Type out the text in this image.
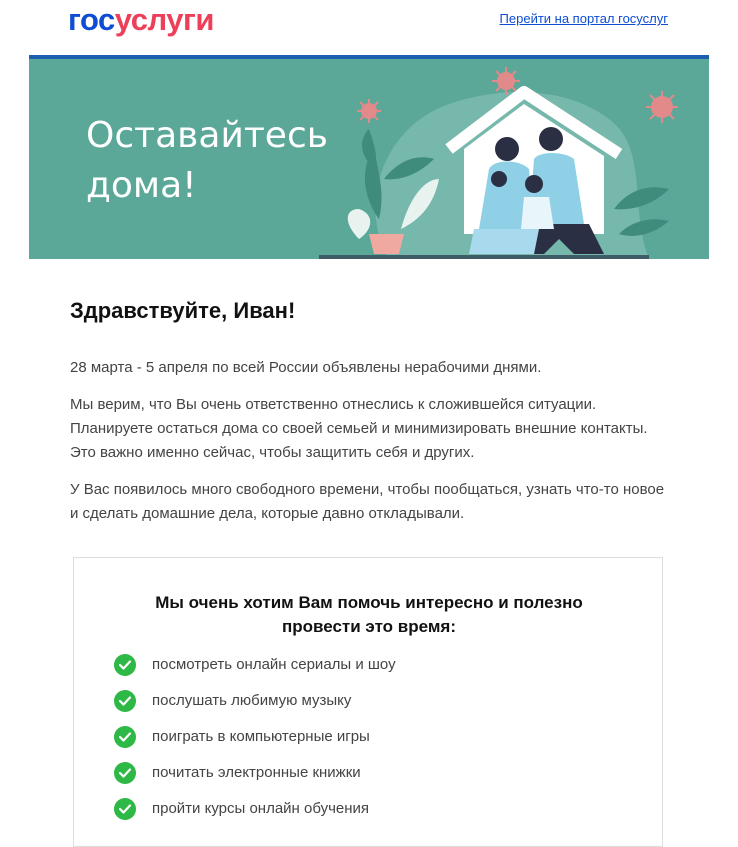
госуслуги	Перейти на портал госуслуг
Оставайтесь
дома!
Здравствуйте, Иван!

28 марта - 5 апреля по всей России объявлены нерабочими днями.

Мы верим, что Вы очень ответственно отнеслись к сложившейся ситуации. Планируете остаться дома со своей семьей и минимизировать внешние контакты. Это важно именно сейчас, чтобы защитить себя и других.

У Вас появилось много свободного времени, чтобы пообщаться, узнать что-то новое и сделать домашние дела, которые давно откладывали.

Мы очень хотим Вам помочь интересно и полезно
провести это время:
посмотреть онлайн сериалы и шоу
послушать любимую музыку
поиграть в компьютерные игры
почитать электронные книжки
пройти курсы онлайн обучения
